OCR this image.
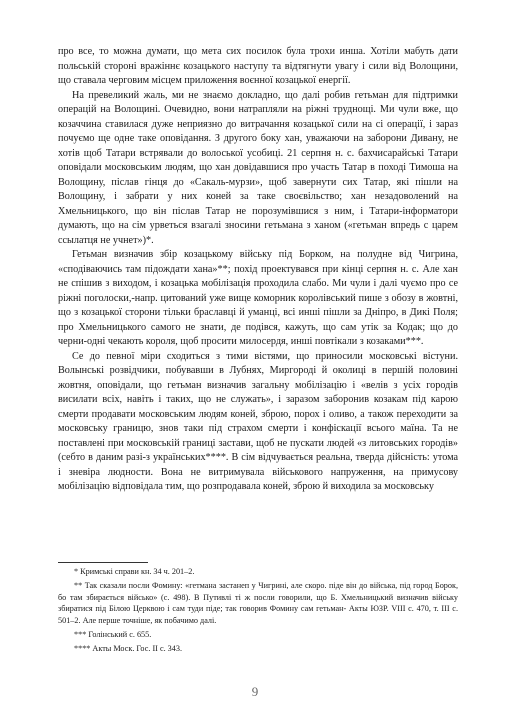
про все, то можна думати, що мета сих посилок була трохи инша. Хотіли мабуть дати польській стороні вражіннє козацького наступу та відтягнути увагу і сили від Волощини, що ставала черговим місцем приложення воєнної козацької енергії.

На превеликий жаль, ми не знаємо докладно, що далі робив гетьман для підтримки операцій на Волощині. Очевидно, вони натрапляли на ріжні труднощі. Ми чули вже, що козаччина ставилася дуже неприязно до витрачання козацької сили на сі операції, і зараз почуємо ще одне таке оповідання. З другого боку хан, уважаючи на заборони Дивану, не хотів щоб Татари встрявали до волоської усобиці. 21 серпня н. с. бахчисарайські Татари оповідали московським людям, що хан довідавшися про участь Татар в поході Тимоша на Волощину, післав гінця до «Сакаль-мурзи», щоб завернути сих Татар, які пішли на Волощину, і забрати у них коней за таке своєвільство; хан незадоволений на Хмельницького, що він післав Татар не порозумівшися з ним, і Татари-інформатори думають, що на сім урветься взагалі зносини гетьмана з ханом («гетьман впредь с царем ссылатця не учнет»)*.

Гетьман визначив збір козацькому війську під Борком, на полудне від Чигрина, «сподіваючись там підождати хана»**; похід проектувався при кінці серпня н. с. Але хан не спішив з виходом, і козацька мобілізація проходила слабо. Ми чули і далі чуємо про се ріжні поголоски,-напр. цитований уже вище коморник королівський пише з обозу в жовтні, що з козацької сторони тільки браславці й уманці, всі инші пішли за Дніпро, в Дикі Поля; про Хмельницького самого не знати, де подівся, кажуть, що сам утік за Кодак; що до черни-одні чекають короля, щоб просити милосердя, инші повтікали з козаками***.

Се до певної міри сходиться з тими вістями, що приносили московські вістуни. Волынські розвідчики, побувавши в Лубнях, Миргороді й околиці в першій половині жовтня, оповідали, що гетьман визначив загальну мобілізацію і «велів з усіх городів висилати всіх, навіть і таких, що не служать», і заразом заборонив козакам під карою смерти продавати московським людям коней, зброю, порох і оливо, а також переходити за московську границю, знов таки під страхом смерти і конфіскації всього маїна. Та не поставлені при московській границі застави, щоб не пускати людей «з литовських городів» (себто в даним разі-з українських****. В сім відчувається реальна, тверда дійсність: утома і зневіра людности. Вона не витримувала військового напруження, на примусову мобілізацію відповідала тим, що розпродавала коней, зброю й виходила за московську

* Кримські справи кн. 34 ч. 201–2.

** Так сказали посли Фомину: «гетмана застанеп у Чигрині, але скоро. піде він до війська, під город Борок, бо там збирається військо» (с. 498). В Путивлі ті ж посли говорили, що Б. Хмельницький визначив війську збиратися під Білою Церквою і сам туди піде; так говорив Фомину сам гетьман- Акты ЮЗР. VIII с. 470, т. III с. 501–2. Але перше точніше, як побачимо далі.

*** Голінський с. 655.

**** Акты Моск. Гос. II с. 343.

9
